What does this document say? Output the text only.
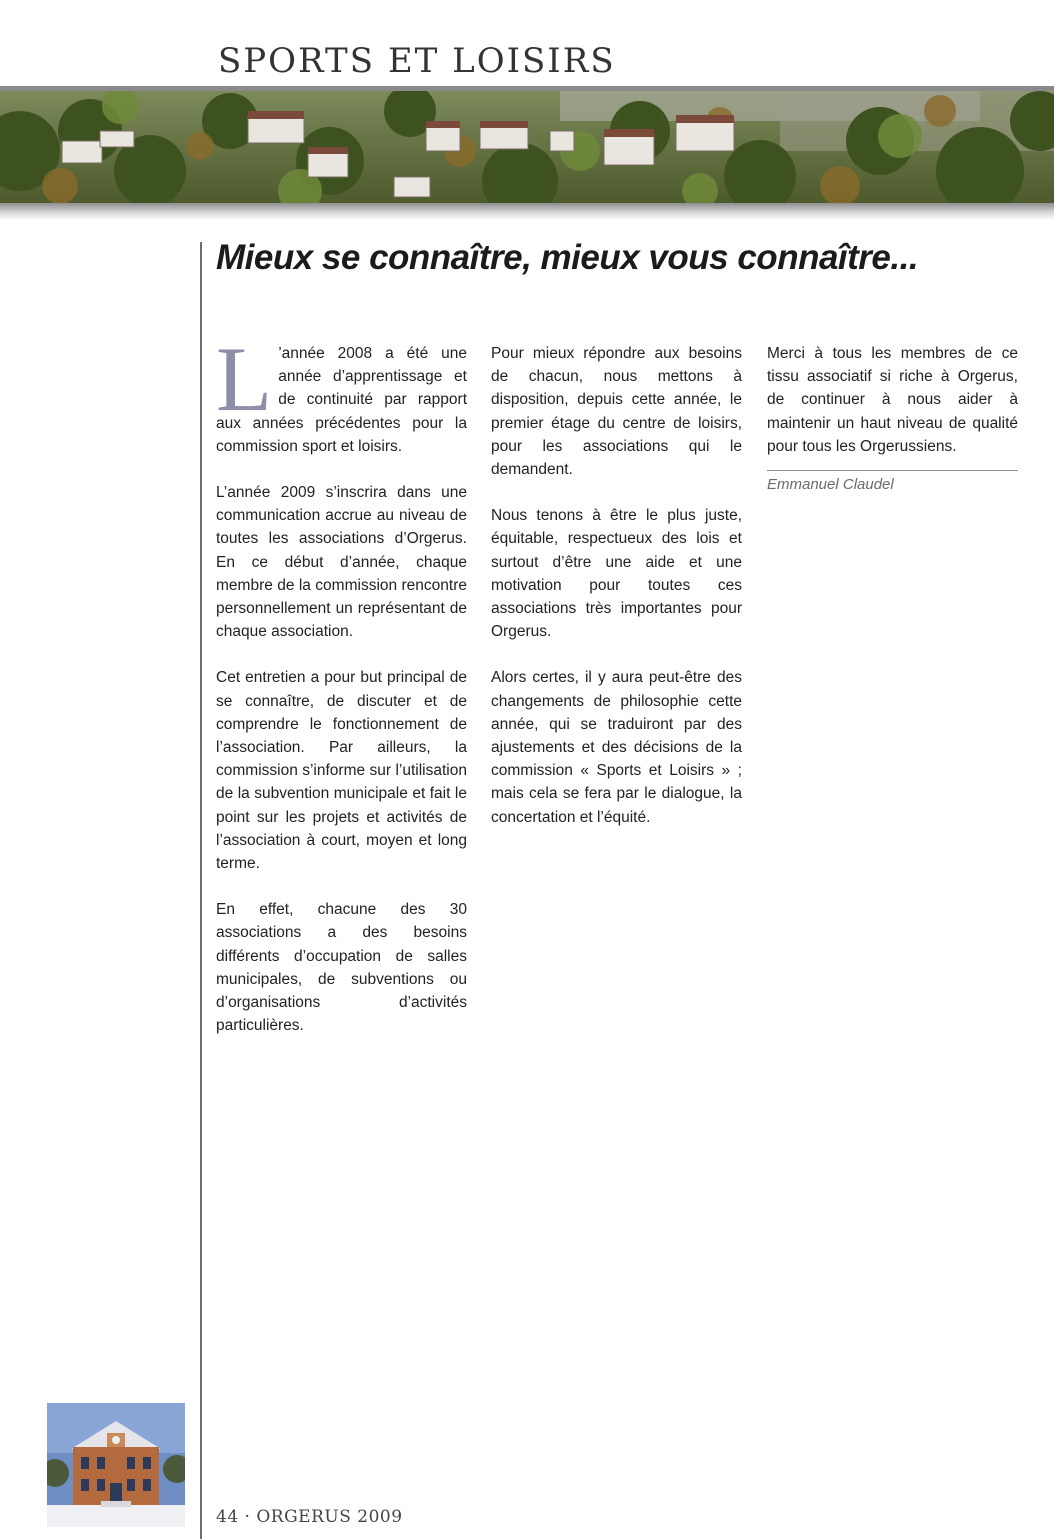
SPORTS ET LOISIRS
Mieux se connaître, mieux vous connaître...

L ’année 2008 a été une année d’apprentissage et de continuité par rapport aux années précédentes pour la commission sport et loisirs.

L’année 2009 s’inscrira dans une communication accrue au niveau de toutes les associations d’Orgerus. En ce début d’année, chaque membre de la commission rencontre personnellement un représentant de chaque association.

Cet entretien a pour but principal de se connaître, de discuter et de comprendre le fonctionnement de l’association. Par ailleurs, la commission s’informe sur l’utilisation de la subvention municipale et fait le point sur les projets et activités de l’association à court, moyen et long terme.

En effet, chacune des 30 associations a des besoins différents d’occupation de salles municipales, de subventions ou d’organisations d’activités particulières.

Pour mieux répondre aux besoins de chacun, nous mettons à disposition, depuis cette année, le premier étage du centre de loisirs, pour les associations qui le demandent.

Nous tenons à être le plus juste, équitable, respectueux des lois et surtout d’être une aide et une motivation pour toutes ces associations très importantes pour Orgerus.

Alors certes, il y aura peut-être des changements de philosophie cette année, qui se traduiront par des ajustements et des décisions de la commission « Sports et Loisirs » ; mais cela se fera par le dialogue, la concertation et l’équité.

Merci à tous les membres de ce tissu associatif si riche à Orgerus, de continuer à nous aider à maintenir un haut niveau de qualité pour tous les Orgerussiens.

Emmanuel Claudel

44 · ORGERUS 2009
